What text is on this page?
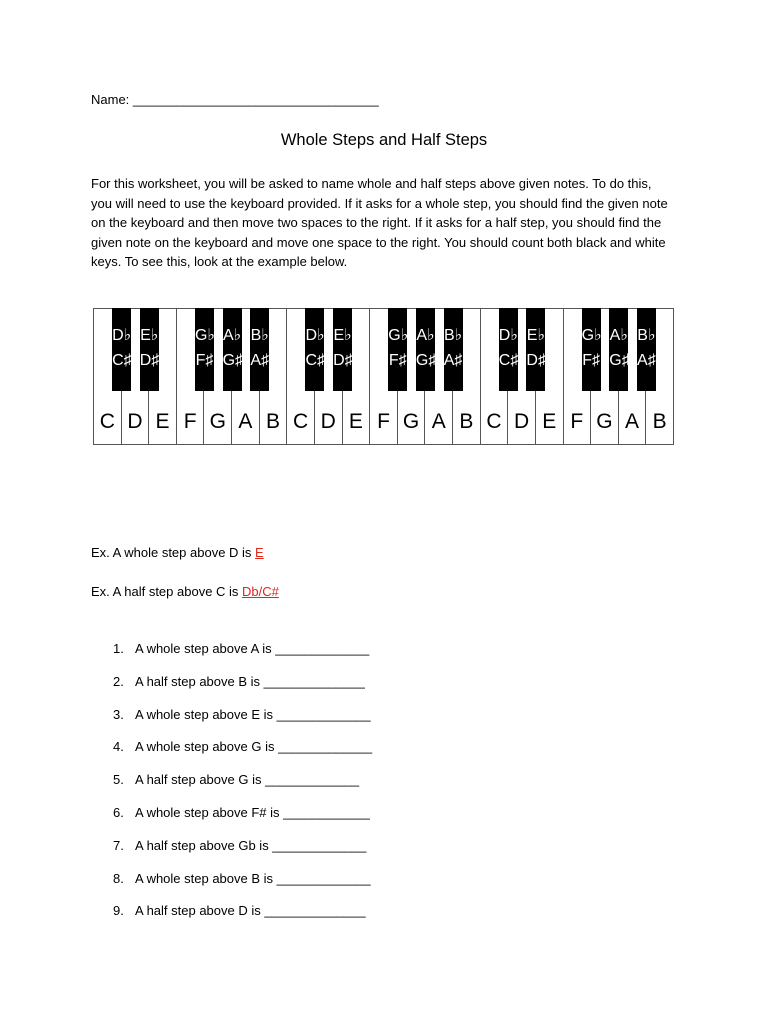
Name: __________________________________
Whole Steps and Half Steps
For this worksheet, you will be asked to name whole and half steps above given notes. To do this, you will need to use the keyboard provided. If it asks for a whole step, you should find the given note on the keyboard and then move two spaces to the right. If it asks for a half step, you should find the given note on the keyboard and move one space to the right. You should count both black and white keys. To see this, look at the example below.
C D E F G A B C D E F G A B C D E F G A B
D♭
C♯
E♭
D♯
G♭
F♯
A♭
G♯
B♭
A♯
D♭
C♯
E♭
D♯
G♭
F♯
A♭
G♯
B♭
A♯
D♭
C♯
E♭
D♯
G♭
F♯
A♭
G♯
B♭
A♯
Ex. A whole step above D is E
Ex. A half step above C is Db/C#
1. A whole step above A is _____________
2. A half step above B is ______________
3. A whole step above E is _____________
4. A whole step above G is _____________
5. A half step above G is _____________
6. A whole step above F# is ____________
7. A half step above Gb is _____________
8. A whole step above B is _____________
9. A half step above D is ______________
